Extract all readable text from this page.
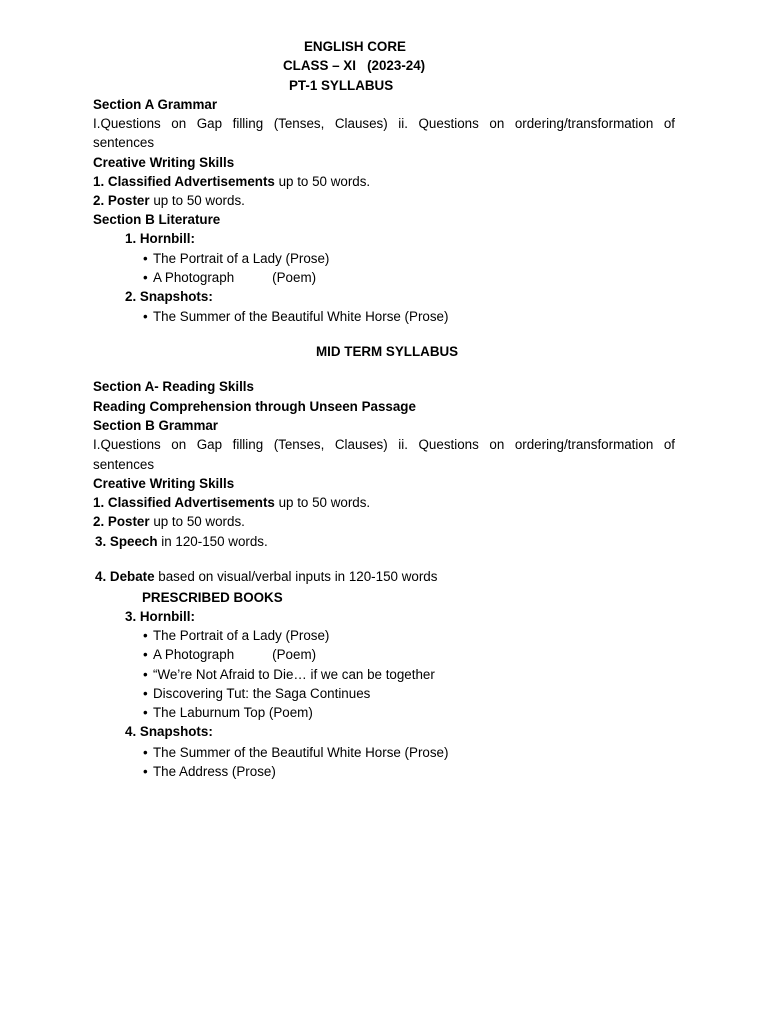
ENGLISH CORE
CLASS – XI   (2023-24)
PT-1 SYLLABUS
Section A Grammar
I.Questions on Gap filling (Tenses, Clauses) ii. Questions on ordering/transformation of
sentences
Creative Writing Skills
1. Classified Advertisements up to 50 words.
2. Poster up to 50 words.
Section B Literature
1. Hornbill:
• The Portrait of a Lady (Prose)
• A Photograph	(Poem)
2. Snapshots:
• The Summer of the Beautiful White Horse (Prose)
MID TERM SYLLABUS
Section A- Reading Skills
Reading Comprehension through Unseen Passage
Section B Grammar
I.Questions on Gap filling (Tenses, Clauses) ii. Questions on ordering/transformation of
sentences
Creative Writing Skills
1. Classified Advertisements up to 50 words.
2. Poster up to 50 words.
3. Speech in 120-150 words.
4. Debate based on visual/verbal inputs in 120-150 words
PRESCRIBED BOOKS
3. Hornbill:
• The Portrait of a Lady (Prose)
• A Photograph	(Poem)
• “We’re Not Afraid to Die… if we can be together
• Discovering Tut: the Saga Continues
• The Laburnum Top (Poem)
4. Snapshots:
• The Summer of the Beautiful White Horse (Prose)
• The Address (Prose)
